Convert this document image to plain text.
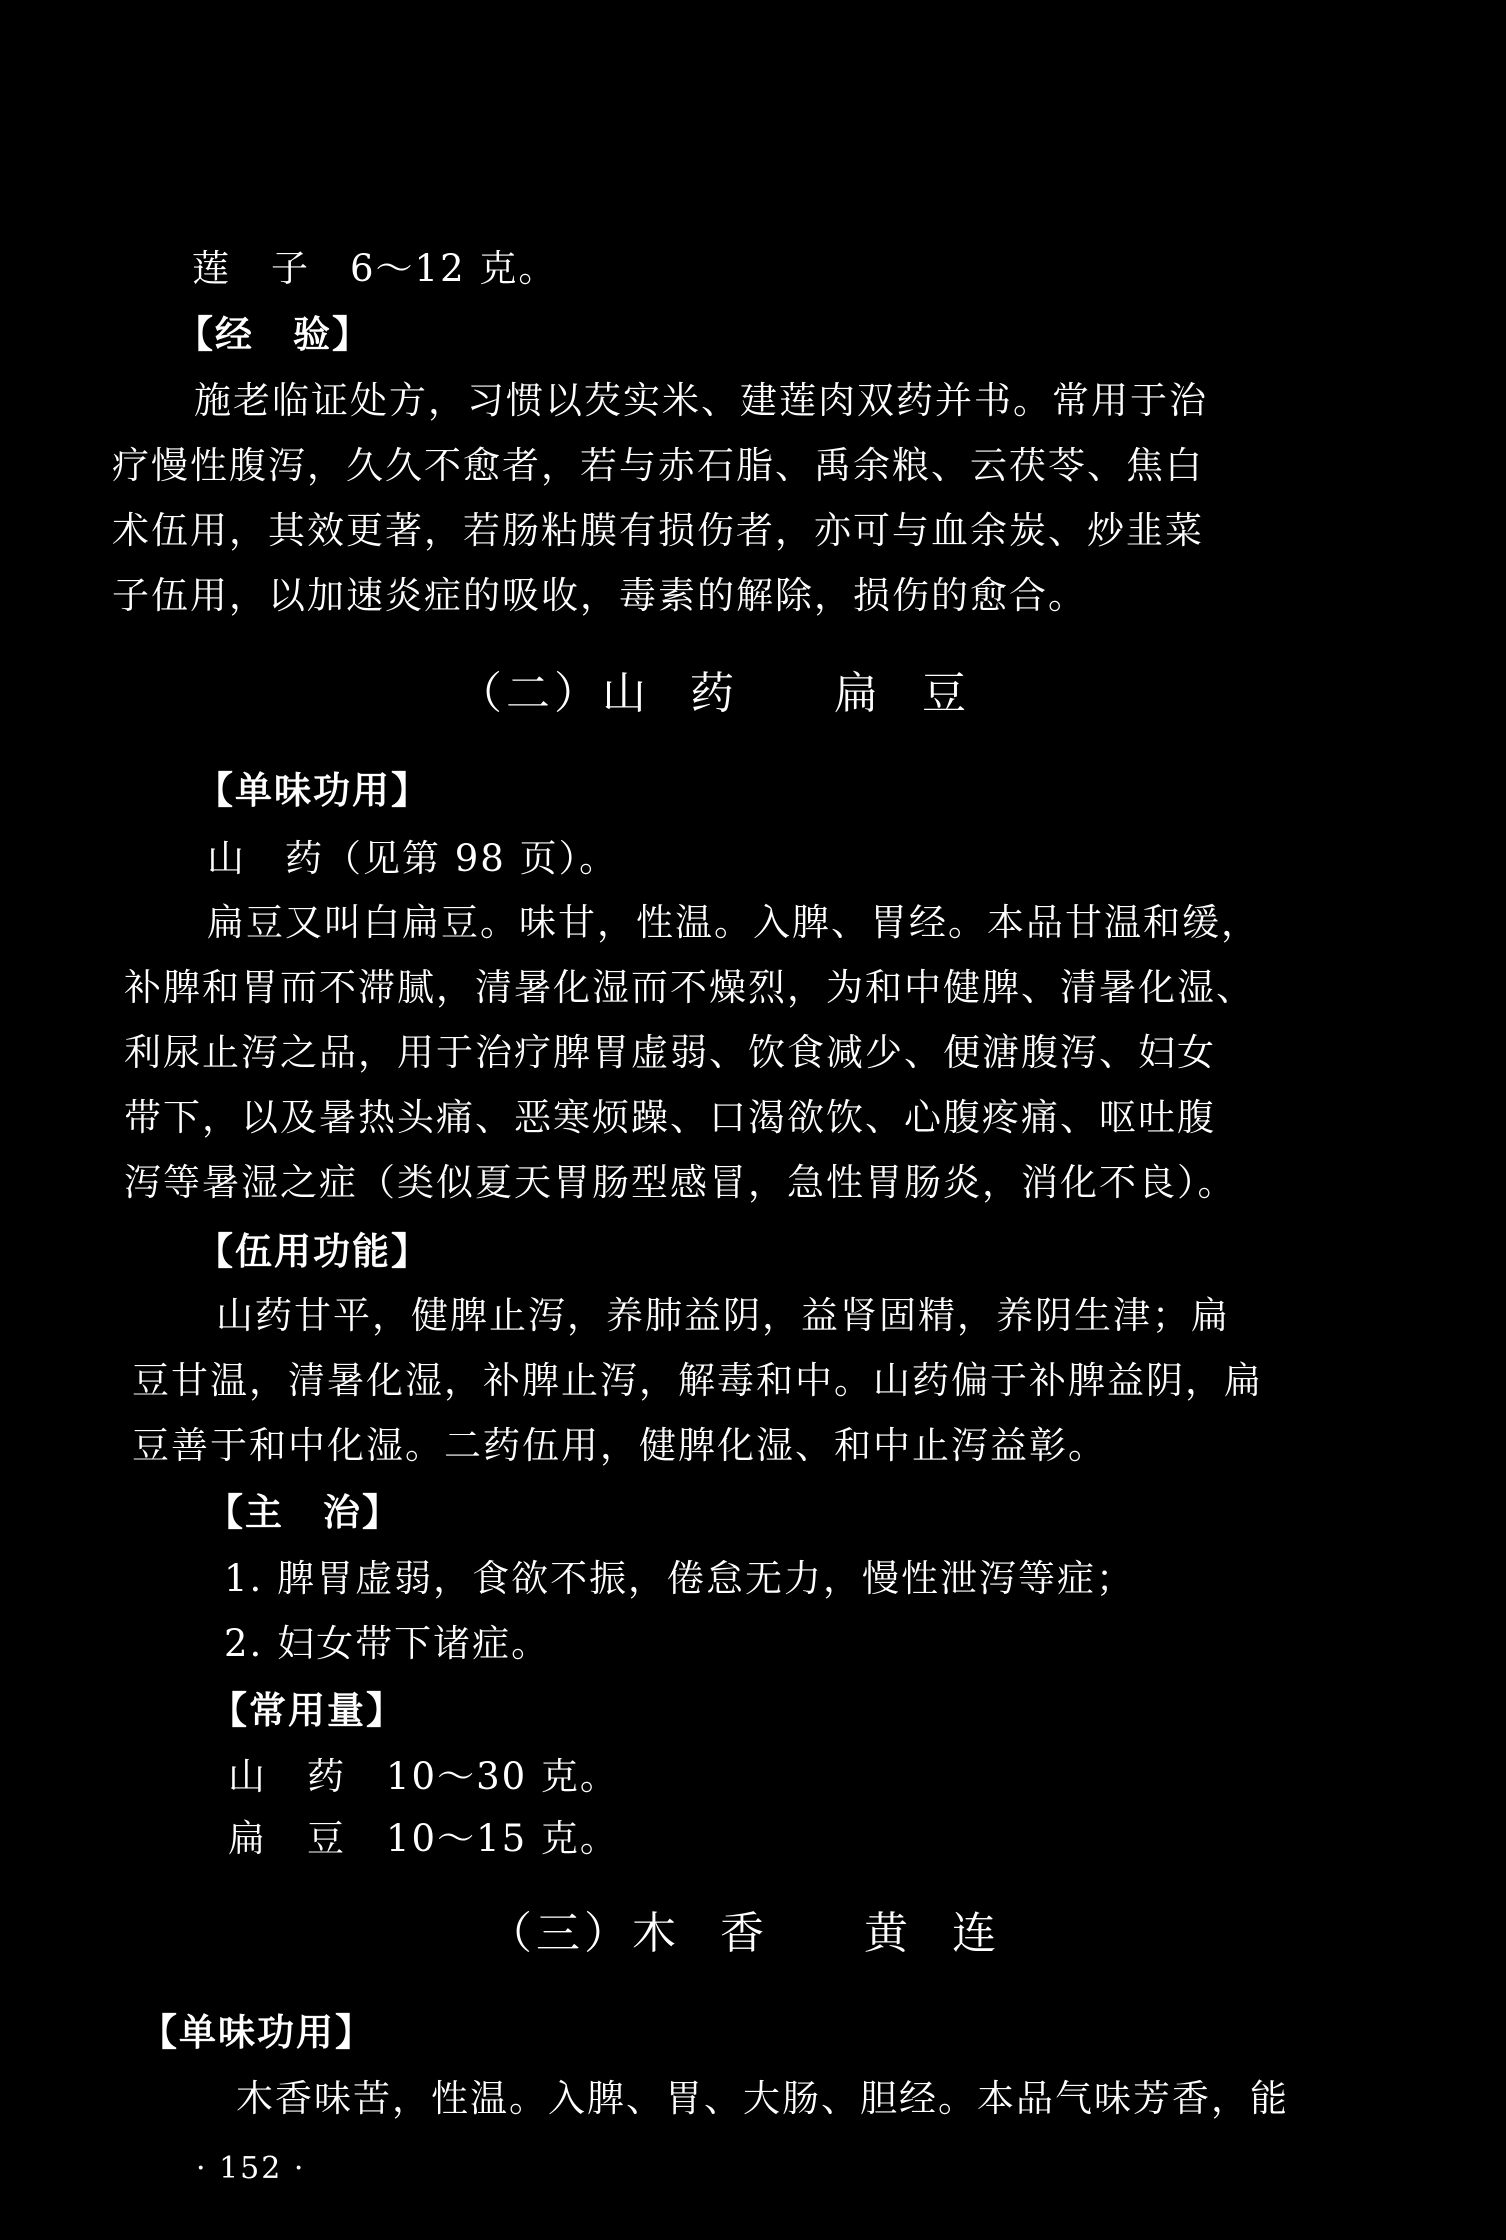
莲 子 6～12 克。
【经　验】
施老临证处方，习惯以芡实米、建莲肉双药并书。常用于治
疗慢性腹泻，久久不愈者，若与赤石脂、禹余粮、云茯苓、焦白
术伍用，其效更著，若肠粘膜有损伤者，亦可与血余炭、炒韭菜
子伍用，以加速炎症的吸收，毒素的解除，损伤的愈合。
（二）山 药 扁 豆
【单味功用】
山　药（见第 98 页）。
扁豆又叫白扁豆。味甘，性温。入脾、胃经。本品甘温和缓，
补脾和胃而不滞腻，清暑化湿而不燥烈，为和中健脾、清暑化湿、
利尿止泻之品，用于治疗脾胃虚弱、饮食减少、便溏腹泻、妇女
带下，以及暑热头痛、恶寒烦躁、口渴欲饮、心腹疼痛、呕吐腹
泻等暑湿之症（类似夏天胃肠型感冒，急性胃肠炎，消化不良）。
【伍用功能】
山药甘平，健脾止泻，养肺益阴，益肾固精，养阴生津；扁
豆甘温，清暑化湿，补脾止泻，解毒和中。山药偏于补脾益阴，扁
豆善于和中化湿。二药伍用，健脾化湿、和中止泻益彰。
【主　治】
1. 脾胃虚弱，食欲不振，倦怠无力，慢性泄泻等症；
2. 妇女带下诸症。
【常用量】
山 药 10～30 克。
扁 豆 10～15 克。
（三）木 香 黄 连
【单味功用】
木香味苦，性温。入脾、胃、大肠、胆经。本品气味芳香，能
· 152 ·
